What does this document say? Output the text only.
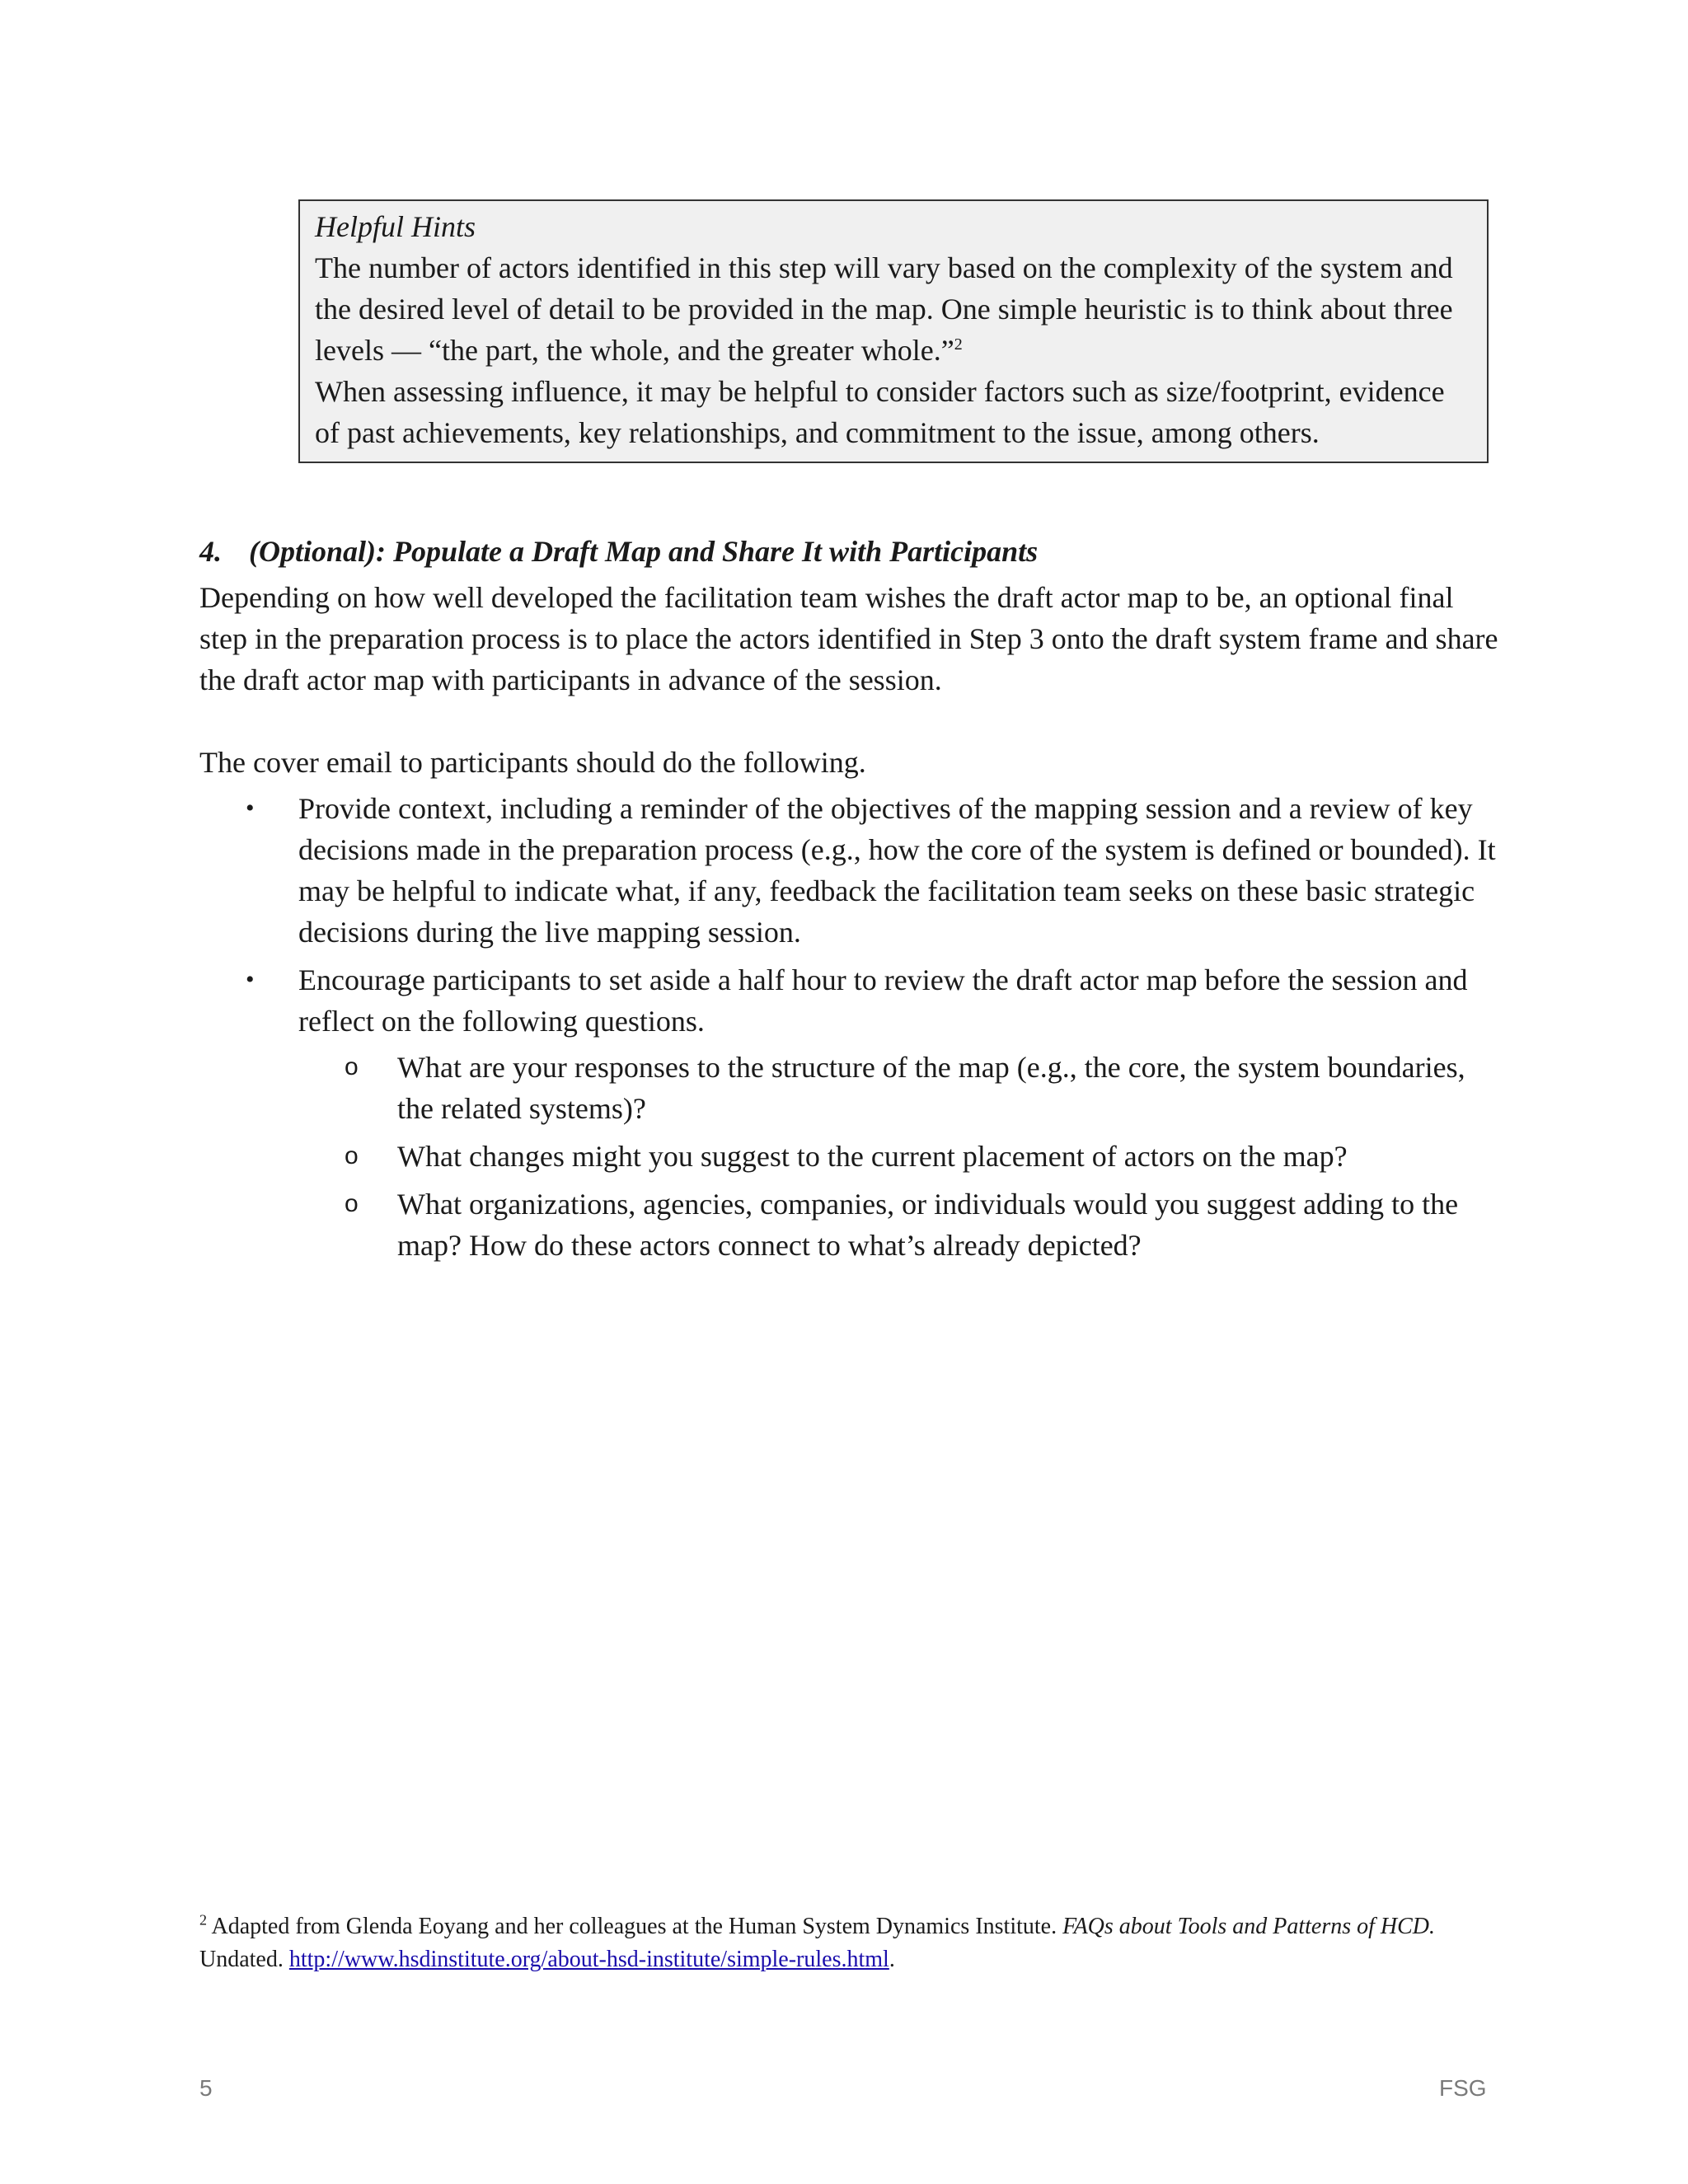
Helpful Hints

The number of actors identified in this step will vary based on the complexity of the system and the desired level of detail to be provided in the map. One simple heuristic is to think about three levels — “the part, the whole, and the greater whole.”$^2$

When assessing influence, it may be helpful to consider factors such as size/footprint, evidence of past achievements, key relationships, and commitment to the issue, among others.

4. (Optional): Populate a Draft Map and Share It with Participants

Depending on how well developed the facilitation team wishes the draft actor map to be, an optional final step in the preparation process is to place the actors identified in Step 3 onto the draft system frame and share the draft actor map with participants in advance of the session.

The cover email to participants should do the following.

• Provide context, including a reminder of the objectives of the mapping session and a review of key decisions made in the preparation process (e.g., how the core of the system is defined or bounded). It may be helpful to indicate what, if any, feedback the facilitation team seeks on these basic strategic decisions during the live mapping session.
• Encourage participants to set aside a half hour to review the draft actor map before the session and reflect on the following questions.
o What are your responses to the structure of the map (e.g., the core, the system boundaries, the related systems)?
o What changes might you suggest to the current placement of actors on the map?
o What organizations, agencies, companies, or individuals would you suggest adding to the map? How do these actors connect to what’s already depicted?
$^2$ Adapted from Glenda Eoyang and her colleagues at the Human System Dynamics Institute. FAQs about Tools and Patterns of HCD. Undated. http://www.hsdinstitute.org/about-hsd-institute/simple-rules.html.
5	FSG
